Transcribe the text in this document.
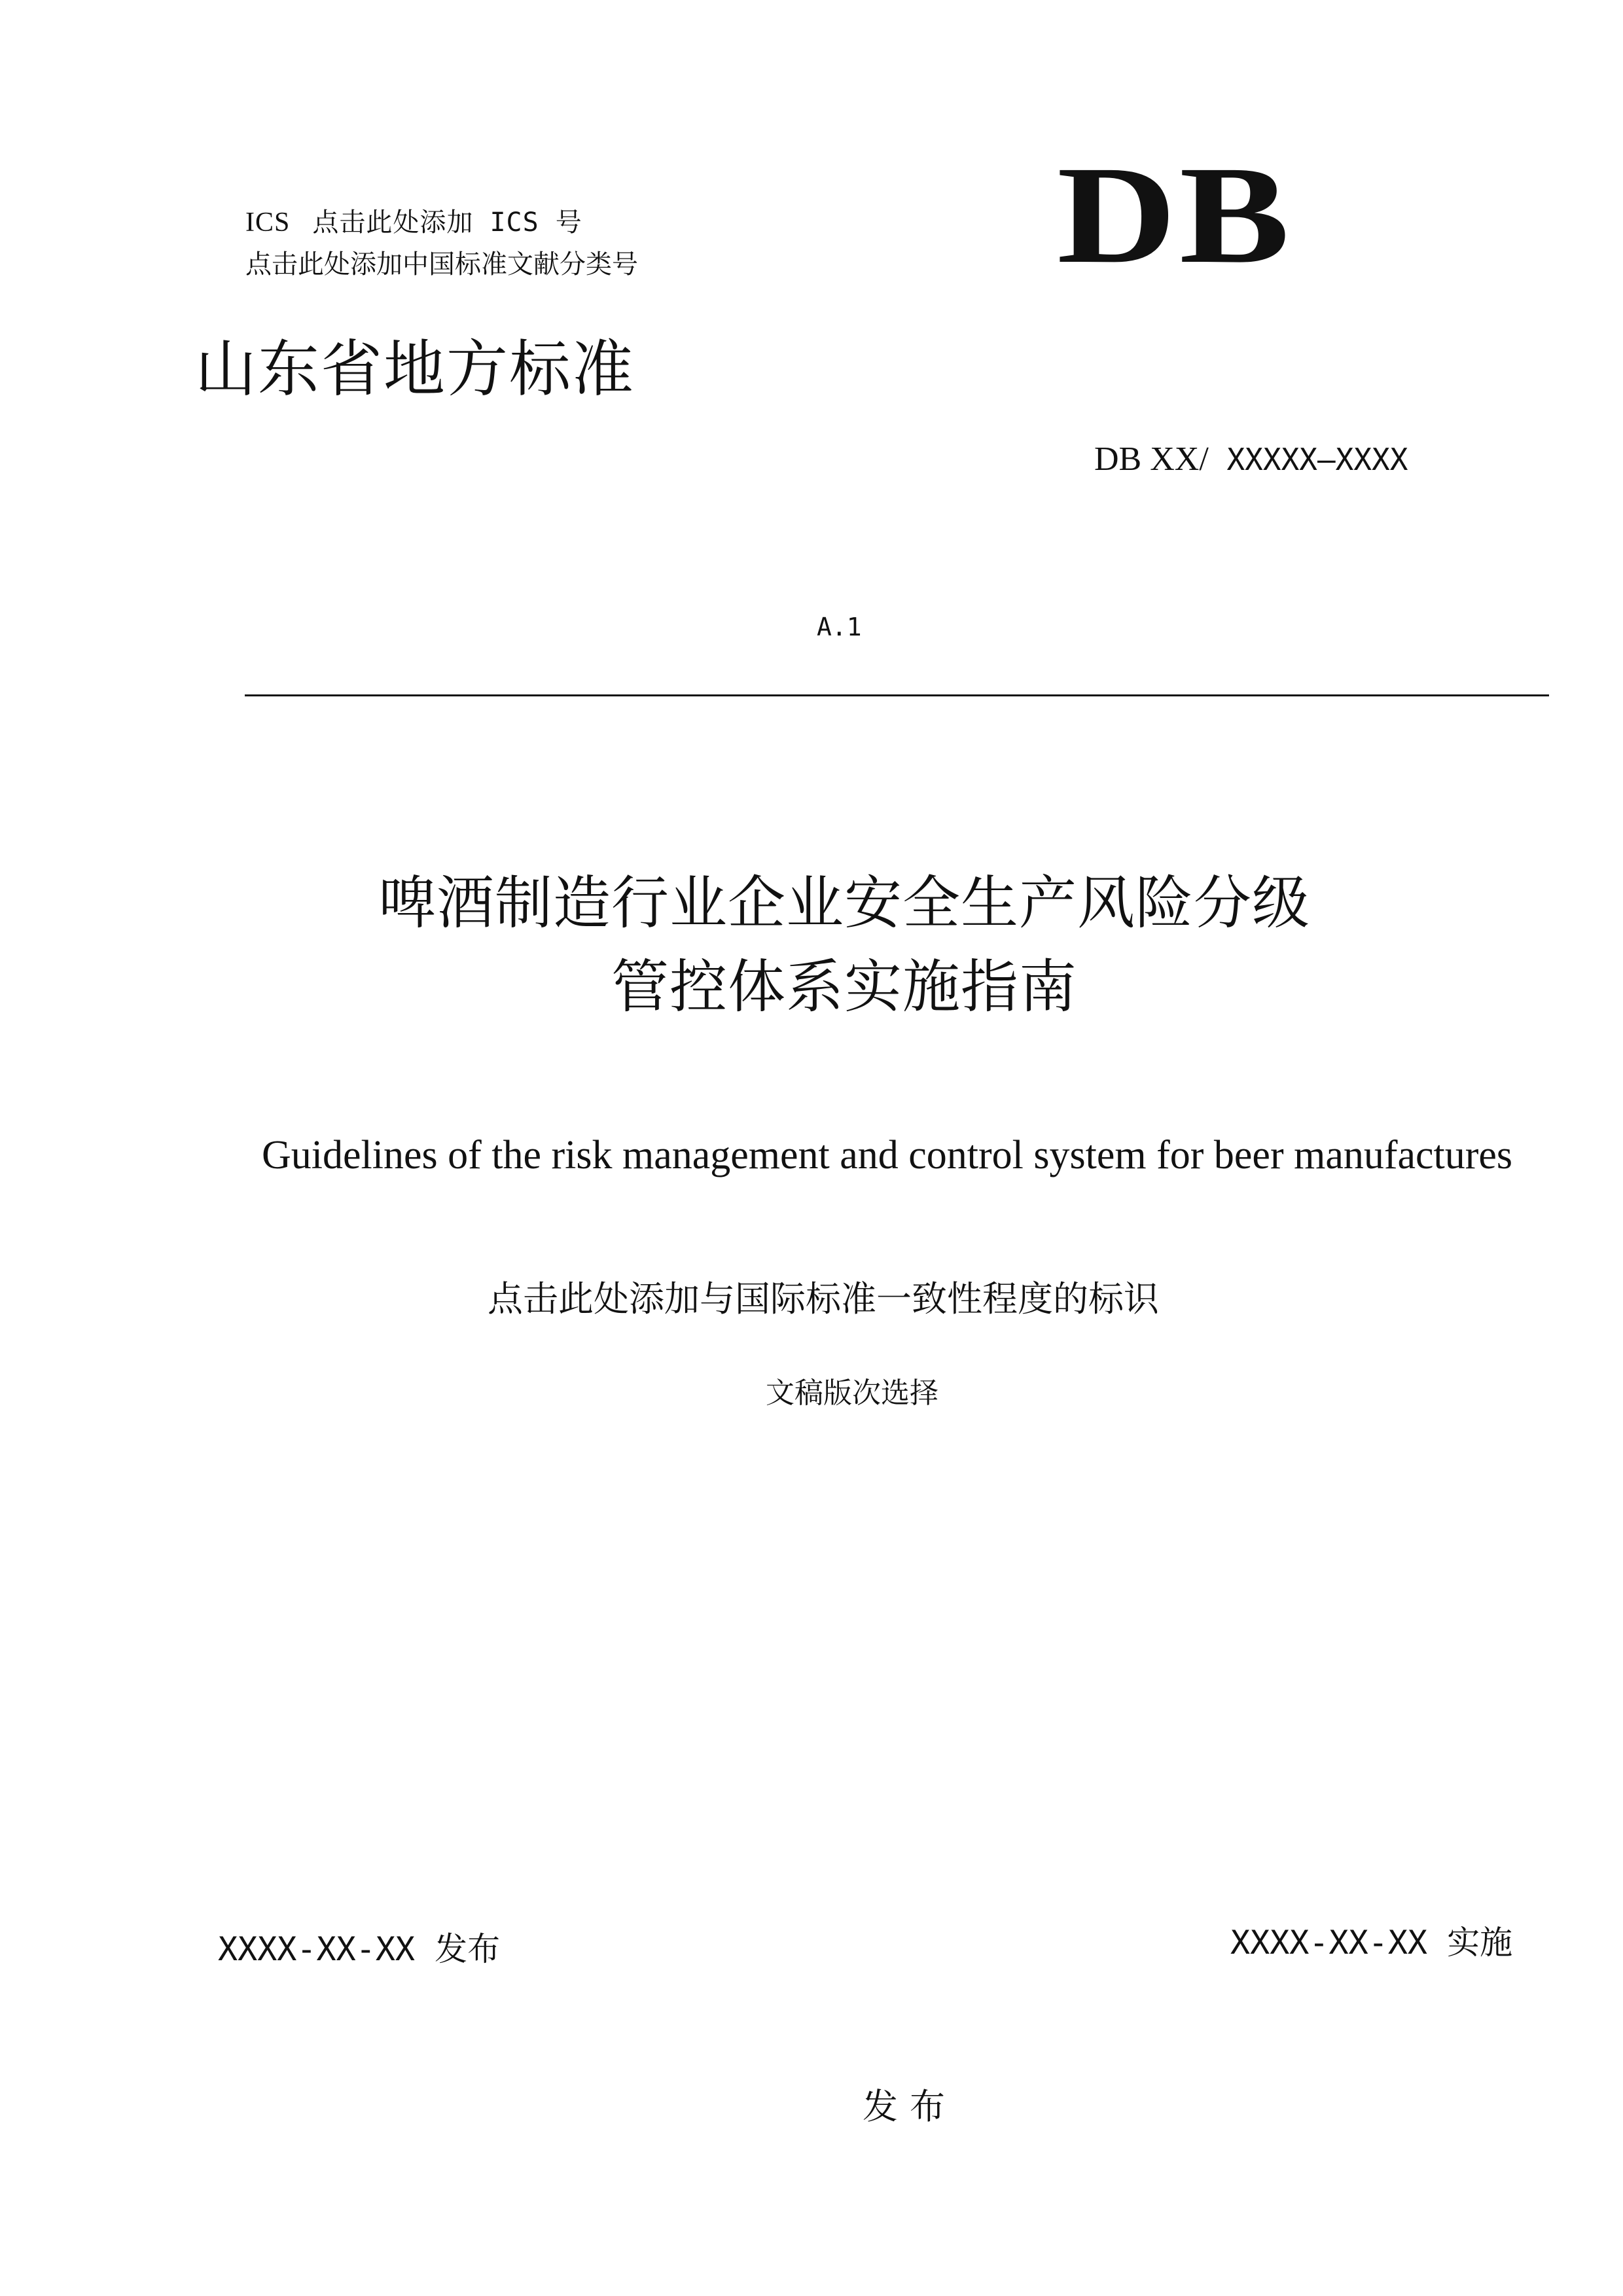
ICS 点击此处添加 ICS 号
点击此处添加中国标准文献分类号	DB
山东省地方标准
DB XX/ XXXXX—XXXX
A.1
啤酒制造行业企业安全生产风险分级
管控体系实施指南
Guidelines of the risk management and control system for beer manufactures
点击此处添加与国际标准一致性程度的标识
文稿版次选择
XXXX-XX-XX 发布	XXXX-XX-XX 实施
发布
